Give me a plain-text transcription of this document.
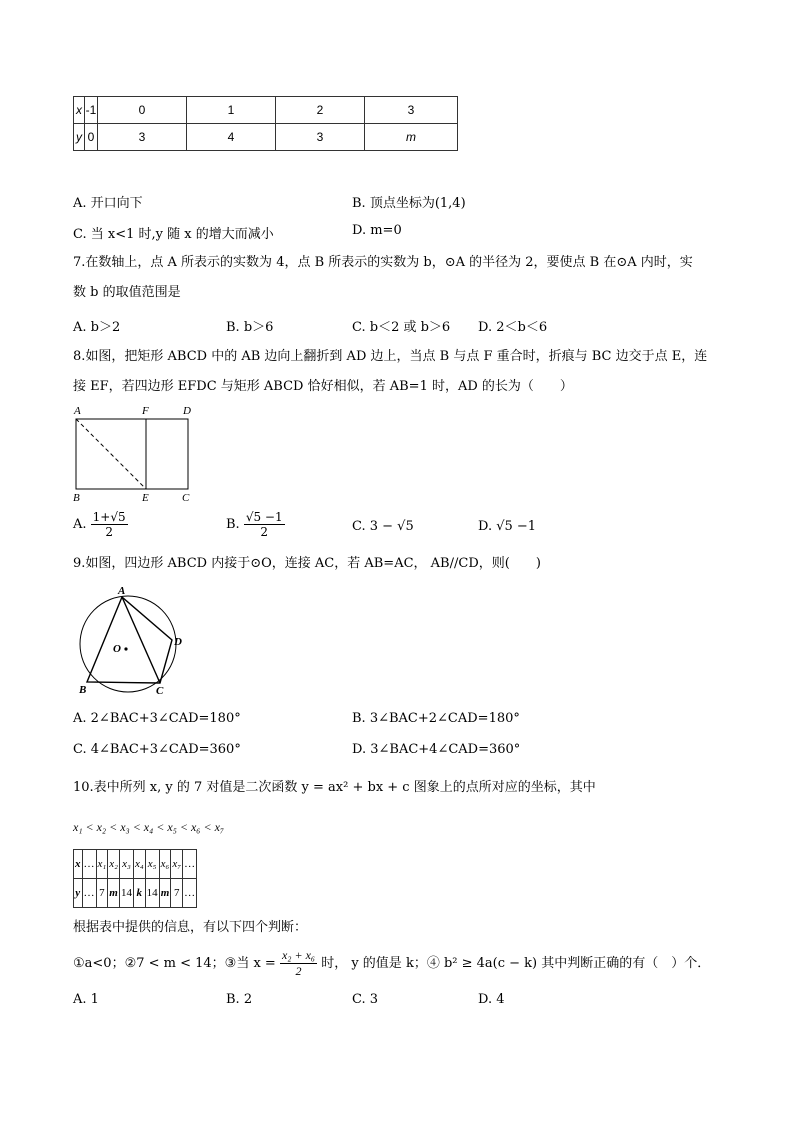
x	-1	0	1	2	3
y	0	3	4	3	m
A. 开口向下	B. 顶点坐标为(1,4)
C. 当 x<1 时,y 随 x 的增大而减小	D. m=0
7.在数轴上，点 A 所表示的实数为 4，点 B 所表示的实数为 b，⊙A 的半径为 2，要使点 B 在⊙A 内时，实
数 b 的取值范围是
A. b＞2	B. b＞6	C. b＜2 或 b＞6 D. 2＜b＜6
8.如图，把矩形 ABCD 中的 AB 边向上翻折到 AD 边上，当点 B 与点 F 重合时，折痕与 BC 边交于点 E，连
接 EF，若四边形 EFDC 与矩形 ABCD 恰好相似，若 AB=1 时，AD 的长为（　　）
A	F	D
B	E	C
A. $\frac{1+√5}{2}$	B. $\frac{√5 -1}{2}$	C. 3 − √5	D. √5 −1
9.如图，四边形 ABCD 内接于⊙O，连接 AC，若 AB=AC， AB//CD，则(　　)
A
O
D
B	C
A. 2∠BAC+3∠CAD=180°	B. 3∠BAC+2∠CAD=180°
C. 4∠BAC+3∠CAD=360°	D. 3∠BAC+4∠CAD=360°
10.表中所列 x, y 的 7 对值是二次函数 y = ax² + bx + c 图象上的点所对应的坐标，其中
x₁ < x₂ < x₃ < x₄ < x₅ < x₆ < x₇
x	…	x₁	x₂	x₃	x₄	x₅	x₆	x₇	…
y	…	7	m	14	k	14	m	7	…
根据表中提供的信息，有以下四个判断：
①a<0；②7 < m < 14；③当 $x = \frac{\text{x₂ + x₆}}{2}$ 时， y 的值是 k；④ b² ≥ 4a(c − k) 其中判断正确的有（　）个．
A. 1	B. 2	C. 3	D. 4
